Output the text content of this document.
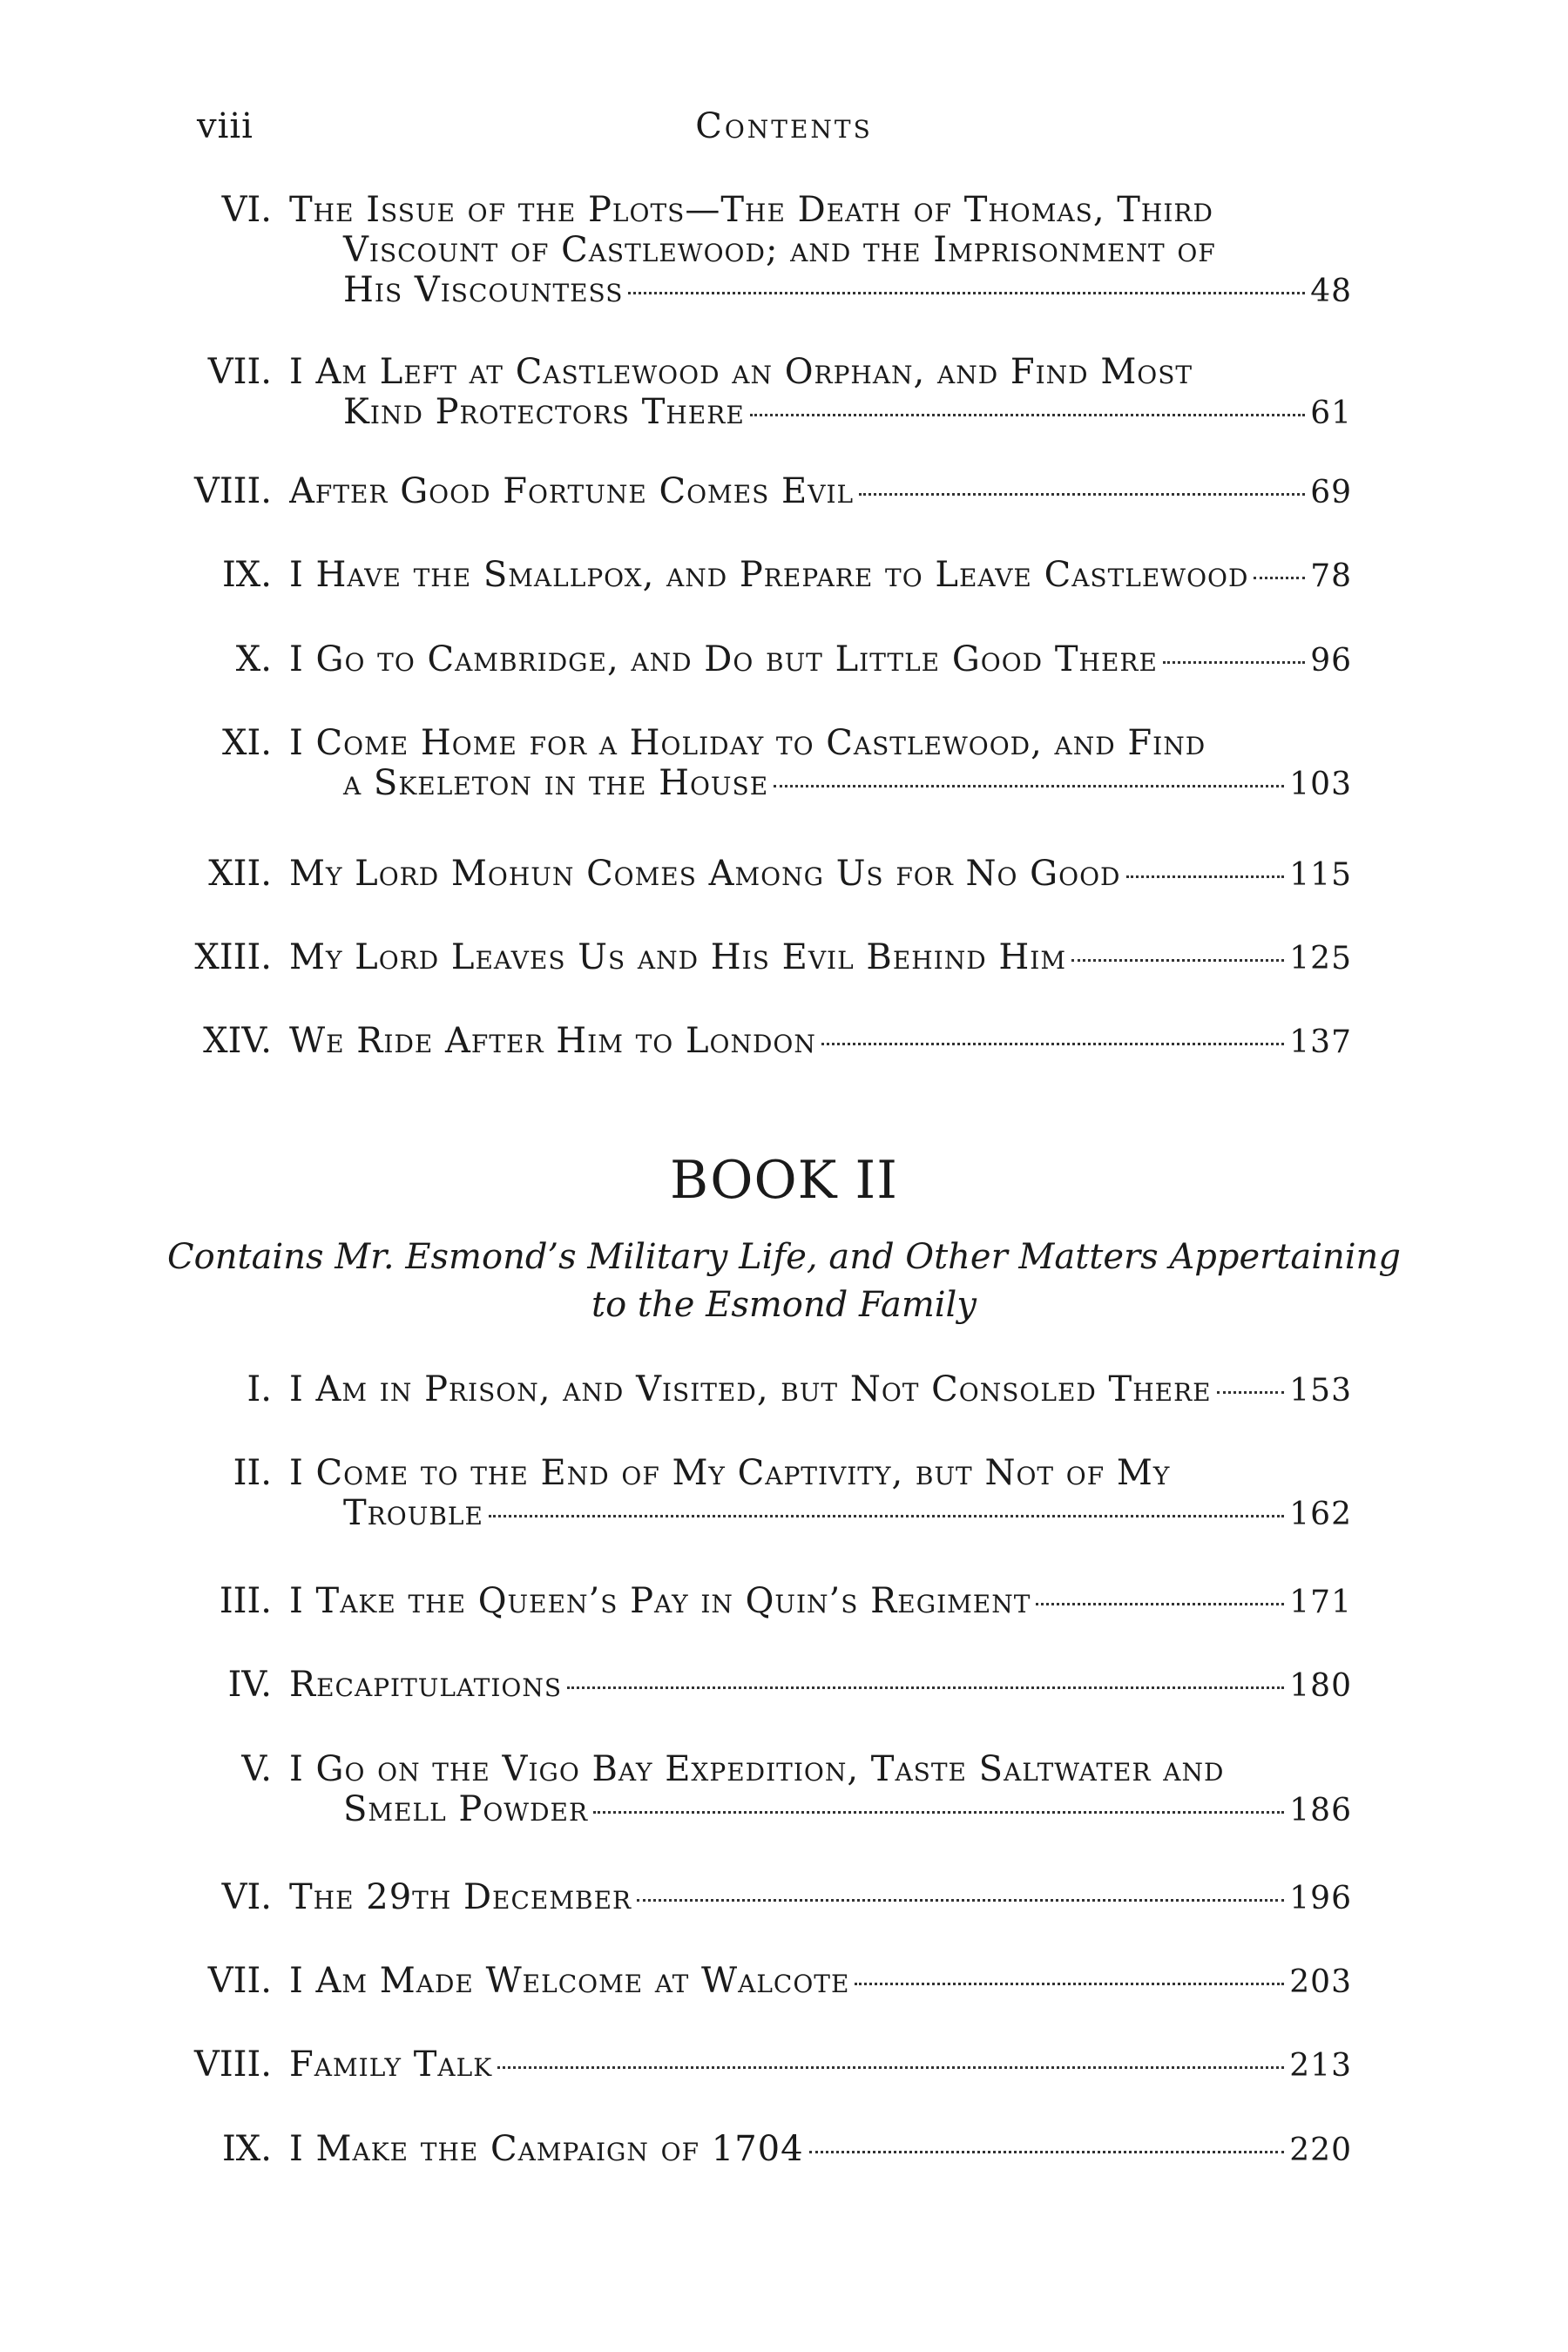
viii	Contents
VI. The Issue of the Plots—The Death of Thomas, Third
Viscount of Castlewood; and the Imprisonment of
His Viscountess	48
VII. I Am Left at Castlewood an Orphan, and Find Most
Kind Protectors There	61
VIII. After Good Fortune Comes Evil	69
IX. I Have the Smallpox, and Prepare to Leave Castlewood 78
X. I Go to Cambridge, and Do but Little Good There	96
XI. I Come Home for a Holiday to Castlewood, and Find
a Skeleton in the House	103
XII. My Lord Mohun Comes Among Us for No Good	115
XIII. My Lord Leaves Us and His Evil Behind Him	125
XIV. We Ride After Him to London	137
BOOK II
Contains Mr. Esmond’s Military Life, and Other Matters Appertaining
to the Esmond Family
I. I Am in Prison, and Visited, but Not Consoled There 153
II. I Come to the End of My Captivity, but Not of My
Trouble	162
III. I Take the Queen’s Pay in Quin’s Regiment	171
IV. Recapitulations	180
V. I Go on the Vigo Bay Expedition, Taste Saltwater and
Smell Powder	186
VI. The 29th December	196
VII. I Am Made Welcome at Walcote	203
VIII. Family Talk	213
IX. I Make the Campaign of 1704	220
